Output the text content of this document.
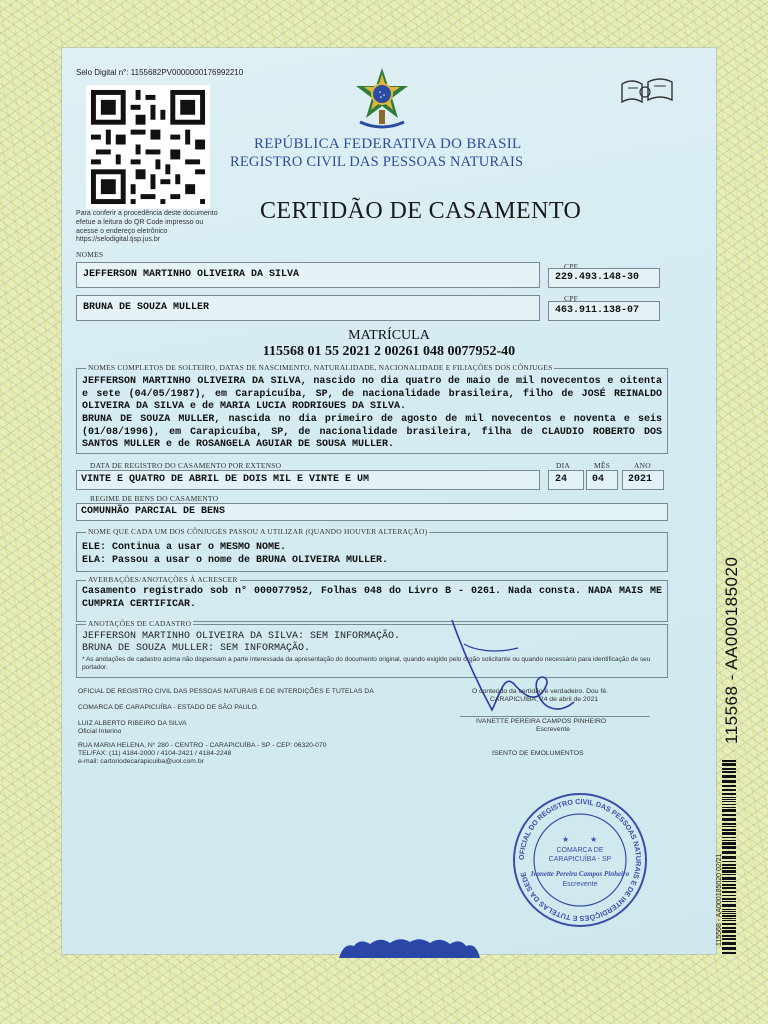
Selo Digital n°: 1155682PV0000000176992210
Para conferir a procedência deste documento efetue a leitura do QR Code impresso ou acesse o endereço eletrônico https://selodigital.tjsp.jus.br
REPÚBLICA FEDERATIVA DO BRASIL
REGISTRO CIVIL DAS PESSOAS NATURAIS
CERTIDÃO DE CASAMENTO
NOMES
JEFFERSON MARTINHO OLIVEIRA DA SILVA
CPF
229.493.148-30
BRUNA DE SOUZA MULLER
CPF
463.911.138-07
MATRÍCULA
115568 01 55 2021 2 00261 048 0077952-40
NOMES COMPLETOS DE SOLTEIRO, DATAS DE NASCIMENTO, NATURALIDADE, NACIONALIDADE E FILIAÇÕES DOS CÔNJUGES
JEFFERSON MARTINHO OLIVEIRA DA SILVA, nascido no dia quatro de maio de mil novecentos e oitenta e sete (04/05/1987), em Carapicuíba, SP, de nacionalidade brasileira, filho de JOSÉ REINALDO OLIVEIRA DA SILVA e de MARIA LUCIA RODRIGUES DA SILVA.
BRUNA DE SOUZA MULLER, nascida no dia primeiro de agosto de mil novecentos e noventa e seis (01/08/1996), em Carapicuíba, SP, de nacionalidade brasileira, filha de CLAUDIO ROBERTO DOS SANTOS MULLER e de ROSANGELA AGUIAR DE SOUSA MULLER.
DATA DE REGISTRO DO CASAMENTO POR EXTENSO
VINTE E QUATRO DE ABRIL DE DOIS MIL E VINTE E UM
DIA
24
MÊS
04
ANO
2021
REGIME DE BENS DO CASAMENTO
COMUNHÃO PARCIAL DE BENS
NOME QUE CADA UM DOS CÔNJUGES PASSOU A UTILIZAR (QUANDO HOUVER ALTERAÇÃO)
ELE: Continua a usar o MESMO NOME.
ELA: Passou a usar o nome de BRUNA OLIVEIRA MULLER.
AVERBAÇÕES/ANOTAÇÕES À ACRESCER
Casamento registrado sob n° 000077952, Folhas 048 do Livro B - 0261. Nada consta. NADA MAIS ME CUMPRIA CERTIFICAR.
ANOTAÇÕES DE CADASTRO
JEFFERSON MARTINHO OLIVEIRA DA SILVA: SEM INFORMAÇÃO.
BRUNA DE SOUZA MULLER: SEM INFORMAÇÃO.
* As anotações de cadastro acima não dispensam a parte interessada da apresentação do documento original, quando exigido pelo órgão solicitante ou quando necessário para identificação de seu portador.
OFICIAL DE REGISTRO CIVIL DAS PESSOAS NATURAIS E DE INTERDIÇÕES E TUTELAS DA
COMARCA DE CARAPICUÍBA - ESTADO DE SÃO PAULO.
LUIZ ALBERTO RIBEIRO DA SILVA
Oficial Interino
RUA MARIA HELENA, N° 280 - CENTRO - CARAPICUÍBA - SP - CEP: 06320-070
TEL/FAX: (11) 4184-2000 / 4104-2421 / 4184-2248
e-mail: cartoriodecarapicuiba@uol.com.br
O conteúdo da certidão é verdadeiro. Dou fé.
CARAPICUÍBA, 24 de abril de 2021
IVANETTE PEREIRA CAMPOS PINHEIRO
Escrevente
ISENTO DE EMOLUMENTOS
OFICIAL DO REGISTRO CIVIL DAS PESSOAS NATURAIS E DE INTERDIÇÕES E TUTELAS DA SEDE
COMARCA DE
CARAPICUÍBA - SP
Ivanette Pereira Campos Pinheiro
Escrevente
★	★
115568 - AA000185020
115568 - AA000185020 02/21
